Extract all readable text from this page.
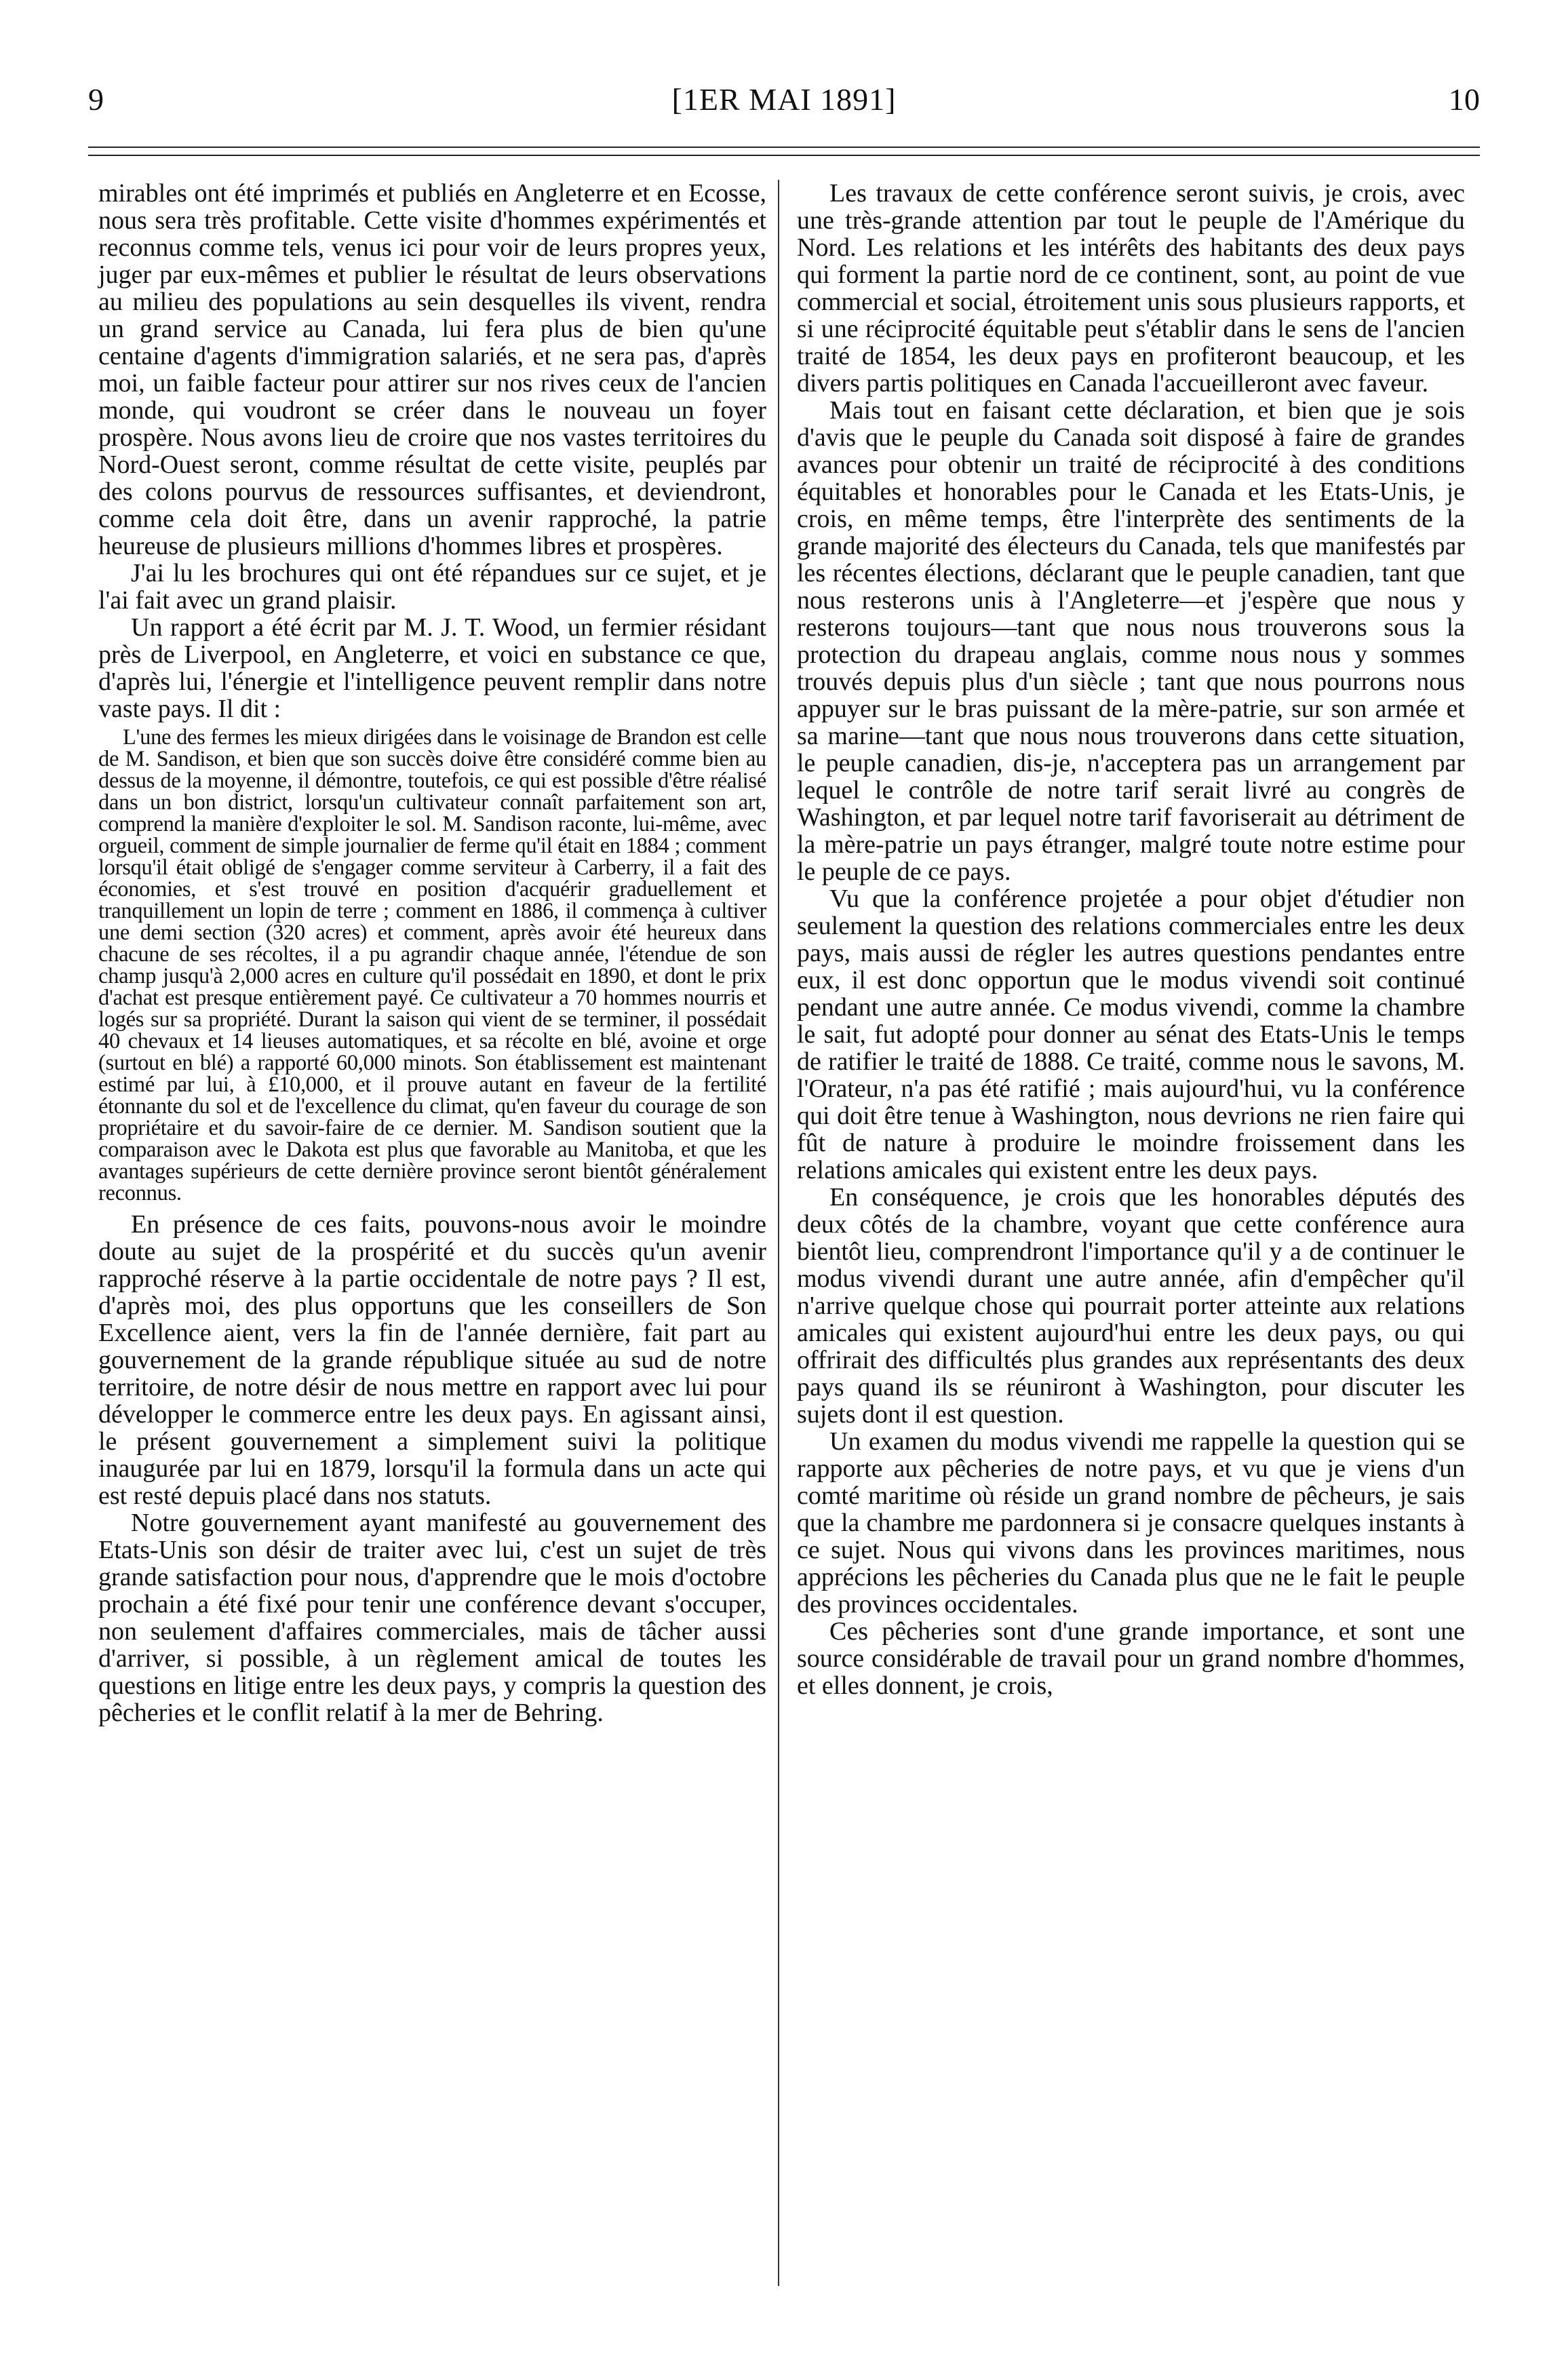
9	[1ER MAI 1891]	10

mirables ont été imprimés et publiés en Angleterre et en Ecosse, nous sera très profitable. Cette visite d'hommes expérimentés et reconnus comme tels, venus ici pour voir de leurs propres yeux, juger par eux-mêmes et publier le résultat de leurs observations au milieu des populations au sein desquelles ils vivent, rendra un grand service au Canada, lui fera plus de bien qu'une centaine d'agents d'immigration salariés, et ne sera pas, d'après moi, un faible facteur pour attirer sur nos rives ceux de l'ancien monde, qui voudront se créer dans le nouveau un foyer prospère. Nous avons lieu de croire que nos vastes territoires du Nord-Ouest seront, comme résultat de cette visite, peuplés par des colons pourvus de ressources suffisantes, et deviendront, comme cela doit être, dans un avenir rapproché, la patrie heureuse de plusieurs millions d'hommes libres et prospères.

J'ai lu les brochures qui ont été répandues sur ce sujet, et je l'ai fait avec un grand plaisir.

Un rapport a été écrit par M. J. T. Wood, un fermier résidant près de Liverpool, en Angleterre, et voici en substance ce que, d'après lui, l'énergie et l'intelligence peuvent remplir dans notre vaste pays. Il dit :

L'une des fermes les mieux dirigées dans le voisinage de Brandon est celle de M. Sandison, et bien que son succès doive être considéré comme bien au dessus de la moyenne, il démontre, toutefois, ce qui est possible d'être réalisé dans un bon district, lorsqu'un cultivateur connaît parfaitement son art, comprend la manière d'exploiter le sol. M. Sandison raconte, lui-même, avec orgueil, comment de simple journalier de ferme qu'il était en 1884 ; comment lorsqu'il était obligé de s'engager comme serviteur à Carberry, il a fait des économies, et s'est trouvé en position d'acquérir graduellement et tranquillement un lopin de terre ; comment en 1886, il commença à cultiver une demi section (320 acres) et comment, après avoir été heureux dans chacune de ses récoltes, il a pu agrandir chaque année, l'étendue de son champ jusqu'à 2,000 acres en culture qu'il possédait en 1890, et dont le prix d'achat est presque entièrement payé. Ce cultivateur a 70 hommes nourris et logés sur sa propriété. Durant la saison qui vient de se terminer, il possédait 40 chevaux et 14 lieuses automatiques, et sa récolte en blé, avoine et orge (surtout en blé) a rapporté 60,000 minots. Son établissement est maintenant estimé par lui, à £10,000, et il prouve autant en faveur de la fertilité étonnante du sol et de l'excellence du climat, qu'en faveur du courage de son propriétaire et du savoir-faire de ce dernier. M. Sandison soutient que la comparaison avec le Dakota est plus que favorable au Manitoba, et que les avantages supérieurs de cette dernière province seront bientôt généralement reconnus.

En présence de ces faits, pouvons-nous avoir le moindre doute au sujet de la prospérité et du succès qu'un avenir rapproché réserve à la partie occidentale de notre pays ? Il est, d'après moi, des plus opportuns que les conseillers de Son Excellence aient, vers la fin de l'année dernière, fait part au gouvernement de la grande république située au sud de notre territoire, de notre désir de nous mettre en rapport avec lui pour développer le commerce entre les deux pays. En agissant ainsi, le présent gouvernement a simplement suivi la politique inaugurée par lui en 1879, lorsqu'il la formula dans un acte qui est resté depuis placé dans nos statuts.

Notre gouvernement ayant manifesté au gouvernement des Etats-Unis son désir de traiter avec lui, c'est un sujet de très grande satisfaction pour nous, d'apprendre que le mois d'octobre prochain a été fixé pour tenir une conférence devant s'occuper, non seulement d'affaires commerciales, mais de tâcher aussi d'arriver, si possible, à un règlement amical de toutes les questions en litige entre les deux pays, y compris la question des pêcheries et le conflit relatif à la mer de Behring.

Les travaux de cette conférence seront suivis, je crois, avec une très-grande attention par tout le peuple de l'Amérique du Nord. Les relations et les intérêts des habitants des deux pays qui forment la partie nord de ce continent, sont, au point de vue commercial et social, étroitement unis sous plusieurs rapports, et si une réciprocité équitable peut s'établir dans le sens de l'ancien traité de 1854, les deux pays en profiteront beaucoup, et les divers partis politiques en Canada l'accueilleront avec faveur.

Mais tout en faisant cette déclaration, et bien que je sois d'avis que le peuple du Canada soit disposé à faire de grandes avances pour obtenir un traité de réciprocité à des conditions équitables et honorables pour le Canada et les Etats-Unis, je crois, en même temps, être l'interprète des sentiments de la grande majorité des électeurs du Canada, tels que manifestés par les récentes élections, déclarant que le peuple canadien, tant que nous resterons unis à l'Angleterre—et j'espère que nous y resterons toujours—tant que nous nous trouverons sous la protection du drapeau anglais, comme nous nous y sommes trouvés depuis plus d'un siècle ; tant que nous pourrons nous appuyer sur le bras puissant de la mère-patrie, sur son armée et sa marine—tant que nous nous trouverons dans cette situation, le peuple canadien, dis-je, n'acceptera pas un arrangement par lequel le contrôle de notre tarif serait livré au congrès de Washington, et par lequel notre tarif favoriserait au détriment de la mère-patrie un pays étranger, malgré toute notre estime pour le peuple de ce pays.

Vu que la conférence projetée a pour objet d'étudier non seulement la question des relations commerciales entre les deux pays, mais aussi de régler les autres questions pendantes entre eux, il est donc opportun que le modus vivendi soit continué pendant une autre année. Ce modus vivendi, comme la chambre le sait, fut adopté pour donner au sénat des Etats-Unis le temps de ratifier le traité de 1888. Ce traité, comme nous le savons, M. l'Orateur, n'a pas été ratifié ; mais aujourd'hui, vu la conférence qui doit être tenue à Washington, nous devrions ne rien faire qui fût de nature à produire le moindre froissement dans les relations amicales qui existent entre les deux pays.

En conséquence, je crois que les honorables députés des deux côtés de la chambre, voyant que cette conférence aura bientôt lieu, comprendront l'importance qu'il y a de continuer le modus vivendi durant une autre année, afin d'empêcher qu'il n'arrive quelque chose qui pourrait porter atteinte aux relations amicales qui existent aujourd'hui entre les deux pays, ou qui offrirait des difficultés plus grandes aux représentants des deux pays quand ils se réuniront à Washington, pour discuter les sujets dont il est question.

Un examen du modus vivendi me rappelle la question qui se rapporte aux pêcheries de notre pays, et vu que je viens d'un comté maritime où réside un grand nombre de pêcheurs, je sais que la chambre me pardonnera si je consacre quelques instants à ce sujet. Nous qui vivons dans les provinces maritimes, nous apprécions les pêcheries du Canada plus que ne le fait le peuple des provinces occidentales.

Ces pêcheries sont d'une grande importance, et sont une source considérable de travail pour un grand nombre d'hommes, et elles donnent, je crois,
